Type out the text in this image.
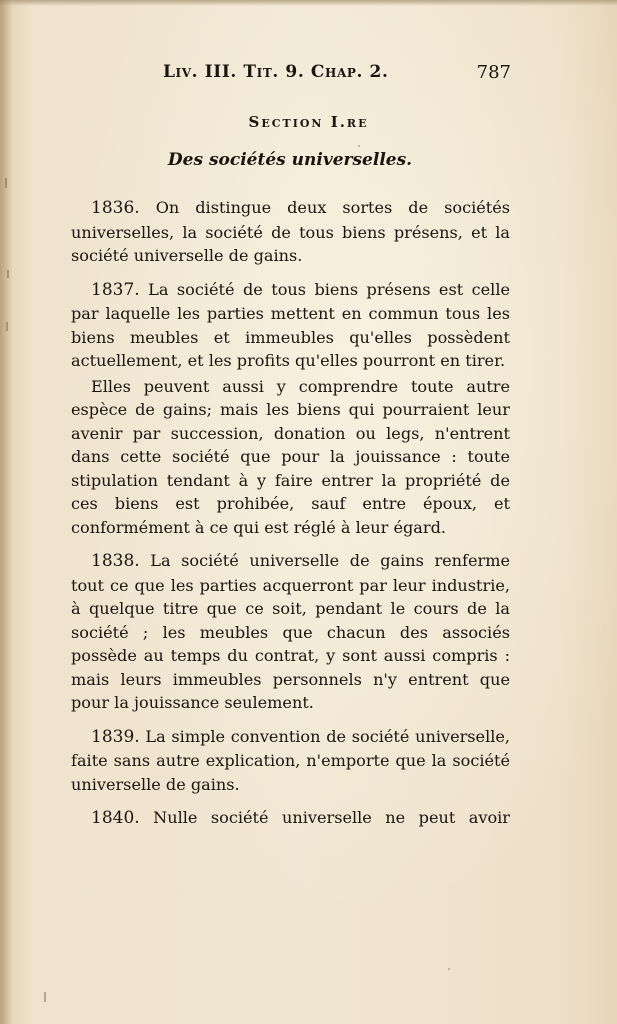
Liv. III. Tit. 9. Chap. 2.	787
Section I.re
Des sociétés universelles.

1836. On distingue deux sortes de sociétés universelles, la société de tous biens présens, et la société universelle de gains.

1837. La société de tous biens présens est celle par laquelle les parties mettent en commun tous les biens meubles et immeubles qu'elles possèdent actuellement, et les profits qu'elles pourront en tirer.

Elles peuvent aussi y comprendre toute autre espèce de gains; mais les biens qui pourraient leur avenir par succession, donation ou legs, n'entrent dans cette société que pour la jouissance : toute stipulation tendant à y faire entrer la propriété de ces biens est prohibée, sauf entre époux, et conformément à ce qui est réglé à leur égard.

1838. La société universelle de gains renferme tout ce que les parties acquerront par leur industrie, à quelque titre que ce soit, pendant le cours de la société ; les meubles que chacun des associés possède au temps du contrat, y sont aussi compris : mais leurs immeubles personnels n'y entrent que pour la jouissance seulement.

1839. La simple convention de société universelle, faite sans autre explication, n'emporte que la société universelle de gains.

1840. Nulle société universelle ne peut avoir
